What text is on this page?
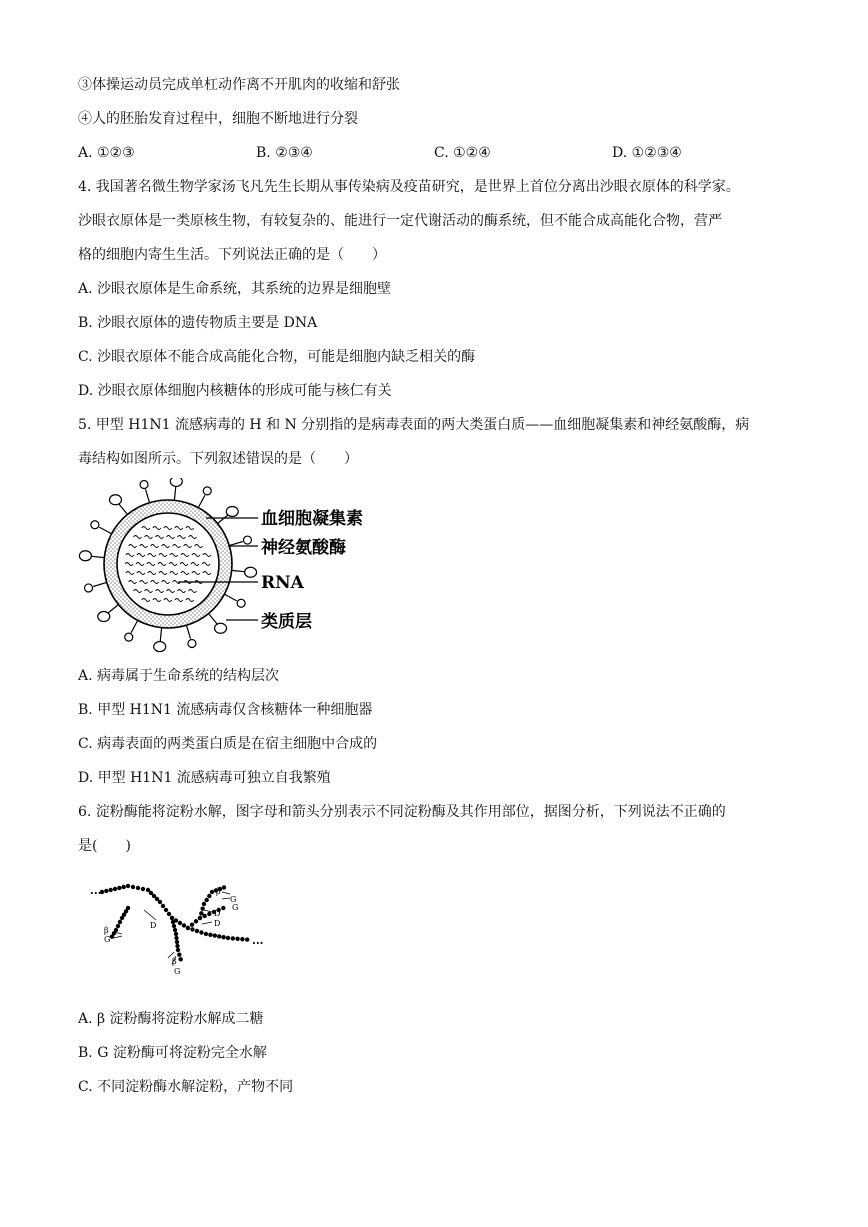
③体操运动员完成单杠动作离不开肌肉的收缩和舒张
④人的胚胎发育过程中，细胞不断地进行分裂
A. ①②③	B. ②③④	C. ①②④	D. ①②③④
4. 我国著名微生物学家汤飞凡先生长期从事传染病及疫苗研究，是世界上首位分离出沙眼衣原体的科学家。
沙眼衣原体是一类原核生物，有较复杂的、能进行一定代谢活动的酶系统，但不能合成高能化合物，营严
格的细胞内寄生生活。下列说法正确的是（　　）
A. 沙眼衣原体是生命系统，其系统的边界是细胞壁
B. 沙眼衣原体的遗传物质主要是 DNA
C. 沙眼衣原体不能合成高能化合物，可能是细胞内缺乏相关的酶
D. 沙眼衣原体细胞内核糖体的形成可能与核仁有关
5. 甲型 H1N1 流感病毒的 H 和 N 分别指的是病毒表面的两大类蛋白质——血细胞凝集素和神经氨酸酶，病
毒结构如图所示。下列叙述错误的是（　　）
血细胞凝集素
神经氨酸酶
RNA
类质层
A. 病毒属于生命系统的结构层次
B. 甲型 H1N1 流感病毒仅含核糖体一种细胞器
C. 病毒表面的两类蛋白质是在宿主细胞中合成的
D. 甲型 H1N1 流感病毒可独立自我繁殖
6. 淀粉酶能将淀粉水解，图字母和箭头分别表示不同淀粉酶及其作用部位，据图分析，下列说法不正确的
是(　　)
...
...
β
G
D
β
G
D
D
G
β
G
A. β 淀粉酶将淀粉水解成二糖
B. G 淀粉酶可将淀粉完全水解
C. 不同淀粉酶水解淀粉，产物不同
